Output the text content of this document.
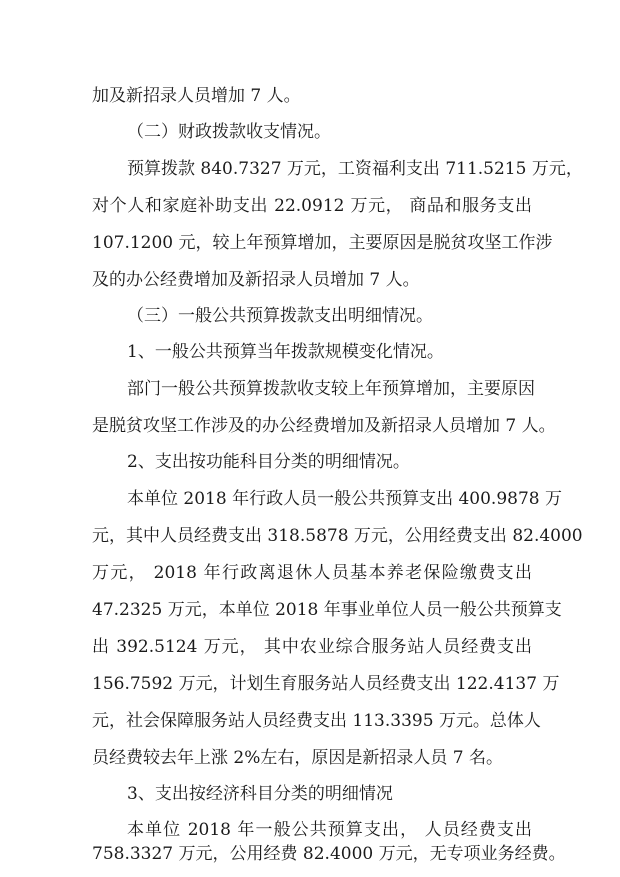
加及新招录人员增加 7 人。
（二）财政拨款收支情况。
预算拨款 840.7327 万元，工资福利支出 711.5215 万元，
对个人和家庭补助支出 22.0912 万元， 商品和服务支出
107.1200 元，较上年预算增加，主要原因是脱贫攻坚工作涉
及的办公经费增加及新招录人员增加 7 人。
（三）一般公共预算拨款支出明细情况。
1、一般公共预算当年拨款规模变化情况。
部门一般公共预算拨款收支较上年预算增加，主要原因
是脱贫攻坚工作涉及的办公经费增加及新招录人员增加 7 人。
2、支出按功能科目分类的明细情况。
本单位 2018 年行政人员一般公共预算支出 400.9878 万
元，其中人员经费支出 318.5878 万元，公用经费支出 82.4000
万元， 2018 年行政离退休人员基本养老保险缴费支出
47.2325 万元，本单位 2018 年事业单位人员一般公共预算支
出 392.5124 万元， 其中农业综合服务站人员经费支出
156.7592 万元，计划生育服务站人员经费支出 122.4137 万
元，社会保障服务站人员经费支出 113.3395 万元。总体人
员经费较去年上涨 2%左右，原因是新招录人员 7 名。
3、支出按经济科目分类的明细情况
本单位 2018 年一般公共预算支出， 人员经费支出
758.3327 万元，公用经费 82.4000 万元，无专项业务经费。
